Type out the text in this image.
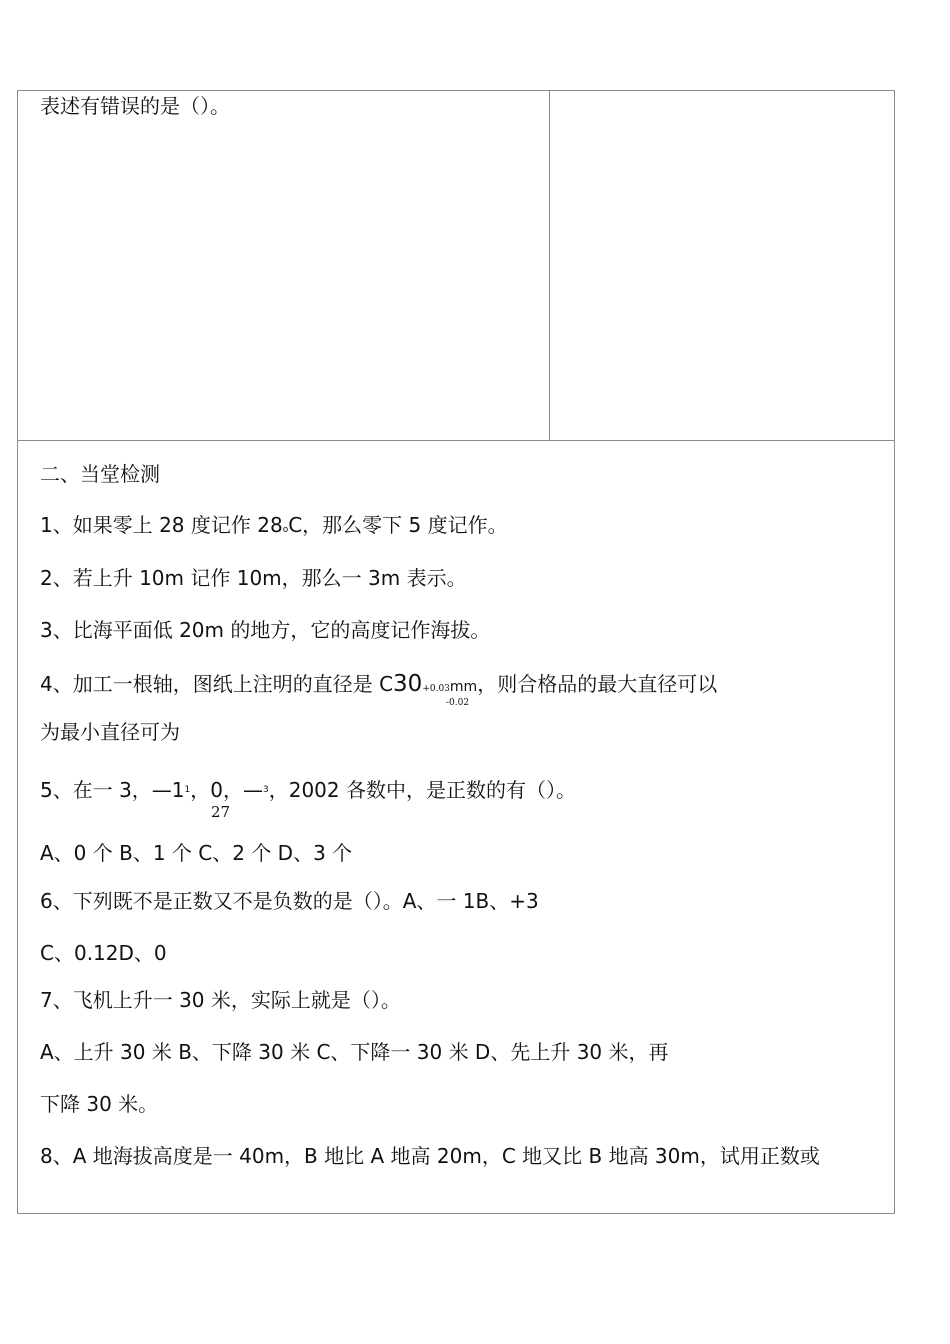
表述有错误的是（）。
二、当堂检测
1、如果零上 28 度记作 28oC，那么零下 5 度记作。
2、若上升 10m 记作 10m，那么一 3m 表示。
3、比海平面低 20m 的地方，它的高度记作海拔。
4、加工一根轴，图纸上注明的直径是 C30+0.03mm，则合格品的最大直径可以
-0.02
为最小直径可为
5、在一 3，$—1^1$，0，—$^3$，2002 各数中，是正数的有（）。
27
A、0 个 B、1 个 C、2 个 D、3 个
6、下列既不是正数又不是负数的是（）。A、一 1B、+3
C、0.12D、0
7、飞机上升一 30 米，实际上就是（）。
A、上升 30 米 B、下降 30 米 C、下降一 30 米 D、先上升 30 米，再
下降 30 米。
8、A 地海拔高度是一 40m，B 地比 A 地高 20m，C 地又比 B 地高 30m，试用正数或
